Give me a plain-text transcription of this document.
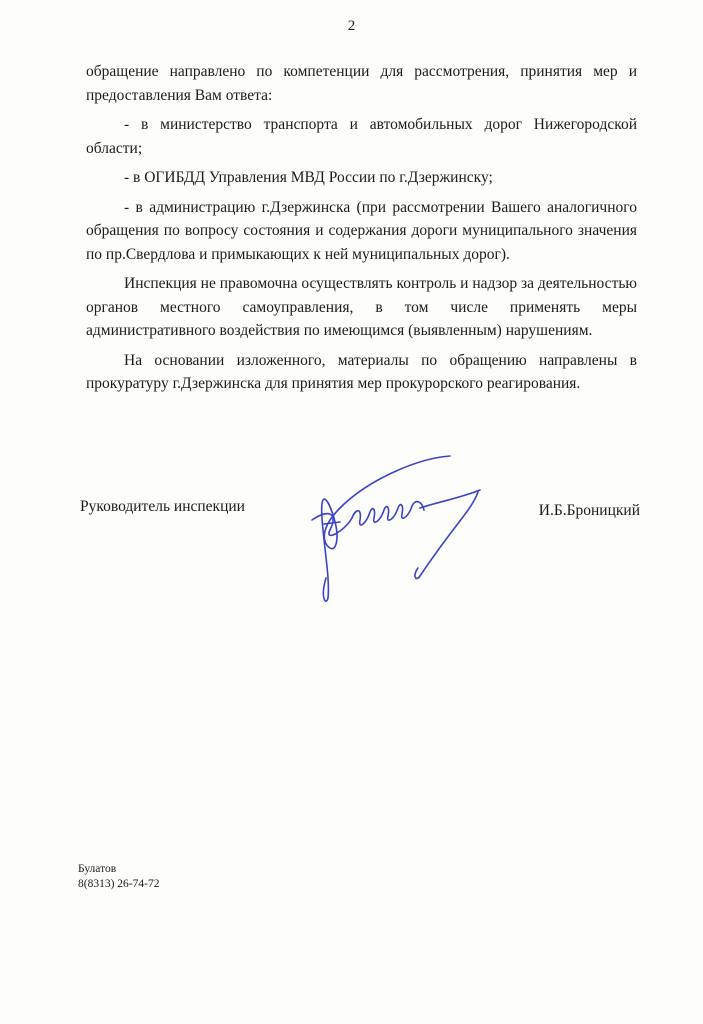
2

обращение направлено по компетенции для рассмотрения, принятия мер и предоставления Вам ответа:

- в министерство транспорта и автомобильных дорог Нижегородской области;

- в ОГИБДД Управления МВД России по г.Дзержинску;

- в администрацию г.Дзержинска (при рассмотрении Вашего аналогичного обращения по вопросу состояния и содержания дороги муниципального значения по пр.Свердлова и примыкающих к ней муниципальных дорог).

Инспекция не правомочна осуществлять контроль и надзор за деятельностью органов местного самоуправления, в том числе применять меры административного воздействия по имеющимся (выявленным) нарушениям.

На основании изложенного, материалы по обращению направлены в прокуратуру г.Дзержинска для принятия мер прокурорского реагирования.

Руководитель инспекции	И.Б.Броницкий
Булатов
8(8313) 26-74-72
